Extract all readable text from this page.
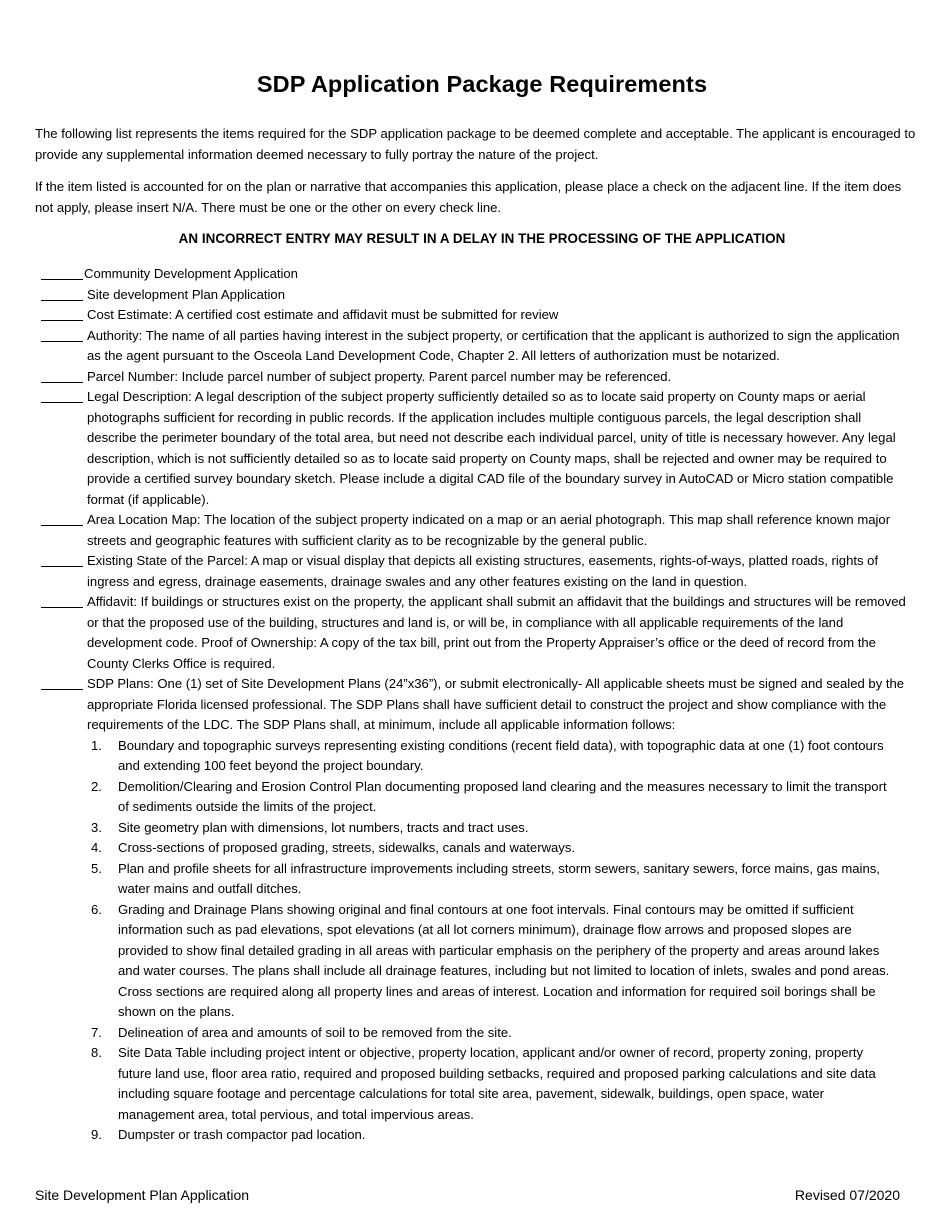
SDP Application Package Requirements

The following list represents the items required for the SDP application package to be deemed complete and acceptable. The applicant is encouraged to provide any supplemental information deemed necessary to fully portray the nature of the project.

If the item listed is accounted for on the plan or narrative that accompanies this application, please place a check on the adjacent line. If the item does not apply, please insert N/A. There must be one or the other on every check line.

AN INCORRECT ENTRY MAY RESULT IN A DELAY IN THE PROCESSING OF THE APPLICATION

Community Development Application
Site development Plan Application
Cost Estimate: A certified cost estimate and affidavit must be submitted for review
Authority: The name of all parties having interest in the subject property, or certification that the applicant is authorized to sign the application as the agent pursuant to the Osceola Land Development Code, Chapter 2. All letters of authorization must be notarized.
Parcel Number: Include parcel number of subject property. Parent parcel number may be referenced.
Legal Description: A legal description of the subject property sufficiently detailed so as to locate said property on County maps or aerial photographs sufficient for recording in public records. If the application includes multiple contiguous parcels, the legal description shall describe the perimeter boundary of the total area, but need not describe each individual parcel, unity of title is necessary however. Any legal description, which is not sufficiently detailed so as to locate said property on County maps, shall be rejected and owner may be required to provide a certified survey boundary sketch. Please include a digital CAD file of the boundary survey in AutoCAD or Micro station compatible format (if applicable).
Area Location Map: The location of the subject property indicated on a map or an aerial photograph. This map shall reference known major streets and geographic features with sufficient clarity as to be recognizable by the general public.
Existing State of the Parcel: A map or visual display that depicts all existing structures, easements, rights-of-ways, platted roads, rights of ingress and egress, drainage easements, drainage swales and any other features existing on the land in question.
Affidavit: If buildings or structures exist on the property, the applicant shall submit an affidavit that the buildings and structures will be removed or that the proposed use of the building, structures and land is, or will be, in compliance with all applicable requirements of the land development code. Proof of Ownership: A copy of the tax bill, print out from the Property Appraiser’s office or the deed of record from the County Clerks Office is required.
SDP Plans: One (1) set of Site Development Plans (24”x36”), or submit electronically- All applicable sheets must be signed and sealed by the appropriate Florida licensed professional. The SDP Plans shall have sufficient detail to construct the project and show compliance with the requirements of the LDC. The SDP Plans shall, at minimum, include all applicable information follows:
1.	Boundary and topographic surveys representing existing conditions (recent field data), with topographic data at one (1) foot contours and extending 100 feet beyond the project boundary.
2.	Demolition/Clearing and Erosion Control Plan documenting proposed land clearing and the measures necessary to limit the transport of sediments outside the limits of the project.
3.	Site geometry plan with dimensions, lot numbers, tracts and tract uses.
4.	Cross-sections of proposed grading, streets, sidewalks, canals and waterways.
5.	Plan and profile sheets for all infrastructure improvements including streets, storm sewers, sanitary sewers, force mains, gas mains, water mains and outfall ditches.
6.	Grading and Drainage Plans showing original and final contours at one foot intervals. Final contours may be omitted if sufficient information such as pad elevations, spot elevations (at all lot corners minimum), drainage flow arrows and proposed slopes are provided to show final detailed grading in all areas with particular emphasis on the periphery of the property and areas around lakes and water courses. The plans shall include all drainage features, including but not limited to location of inlets, swales and pond areas. Cross sections are required along all property lines and areas of interest. Location and information for required soil borings shall be shown on the plans.
7.	Delineation of area and amounts of soil to be removed from the site.
8.	Site Data Table including project intent or objective, property location, applicant and/or owner of record, property zoning, property future land use, floor area ratio, required and proposed building setbacks, required and proposed parking calculations and site data including square footage and percentage calculations for total site area, pavement, sidewalk, buildings, open space, water management area, total pervious, and total impervious areas.
9.	Dumpster or trash compactor pad location.

Site Development Plan Application	Revised 07/2020
